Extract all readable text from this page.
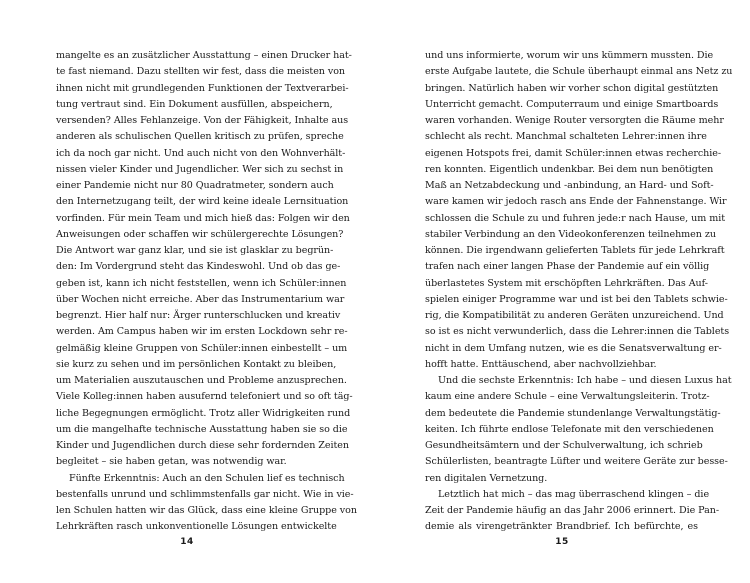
mangelte es an zusätzlicher Ausstattung – einen Drucker hat-
te fast niemand. Dazu stellten wir fest, dass die meisten von
ihnen nicht mit grundlegenden Funktionen der Textverarbei-
tung vertraut sind. Ein Dokument ausfüllen, abspeichern,
versenden? Alles Fehlanzeige. Von der Fähigkeit, Inhalte aus
anderen als schulischen Quellen kritisch zu prüfen, spreche
ich da noch gar nicht. Und auch nicht von den Wohnverhält-
nissen vieler Kinder und Jugendlicher. Wer sich zu sechst in
einer Pandemie nicht nur 80 Quadratmeter, sondern auch
den Internetzugang teilt, der wird keine ideale Lernsituation
vorfinden. Für mein Team und mich hieß das: Folgen wir den
Anweisungen oder schaffen wir schülergerechte Lösungen?
Die Antwort war ganz klar, und sie ist glasklar zu begrün-
den: Im Vordergrund steht das Kindeswohl. Und ob das ge-
geben ist, kann ich nicht feststellen, wenn ich Schüler:innen
über Wochen nicht erreiche. Aber das Instrumentarium war
begrenzt. Hier half nur: Ärger runterschlucken und kreativ
werden. Am Campus haben wir im ersten Lockdown sehr re-
gelmäßig kleine Gruppen von Schüler:innen einbestellt – um
sie kurz zu sehen und im persönlichen Kontakt zu bleiben,
um Materialien auszutauschen und Probleme anzusprechen.
Viele Kolleg:innen haben ausufernd telefoniert und so oft täg-
liche Begegnungen ermöglicht. Trotz aller Widrigkeiten rund
um die mangelhafte technische Ausstattung haben sie so die
Kinder und Jugendlichen durch diese sehr fordernden Zeiten
begleitet – sie haben getan, was notwendig war.
Fünfte Erkenntnis: Auch an den Schulen lief es technisch
bestenfalls unrund und schlimmstenfalls gar nicht. Wie in vie-
len Schulen hatten wir das Glück, dass eine kleine Gruppe von
Lehrkräften rasch unkonventionelle Lösungen entwickelte
14
und uns informierte, worum wir uns kümmern mussten. Die
erste Aufgabe lautete, die Schule überhaupt einmal ans Netz zu
bringen. Natürlich haben wir vorher schon digital gestützten
Unterricht gemacht. Computerraum und einige Smartboards
waren vorhanden. Wenige Router versorgten die Räume mehr
schlecht als recht. Manchmal schalteten Lehrer:innen ihre
eigenen Hotspots frei, damit Schüler:innen etwas recherchie-
ren konnten. Eigentlich undenkbar. Bei dem nun benötigten
Maß an Netzabdeckung und -anbindung, an Hard- und Soft-
ware kamen wir jedoch rasch ans Ende der Fahnenstange. Wir
schlossen die Schule zu und fuhren jede:r nach Hause, um mit
stabiler Verbindung an den Videokonferenzen teilnehmen zu
können. Die irgendwann gelieferten Tablets für jede Lehrkraft
trafen nach einer langen Phase der Pandemie auf ein völlig
überlastetes System mit erschöpften Lehrkräften. Das Auf-
spielen einiger Programme war und ist bei den Tablets schwie-
rig, die Kompatibilität zu anderen Geräten unzureichend. Und
so ist es nicht verwunderlich, dass die Lehrer:innen die Tablets
nicht in dem Umfang nutzen, wie es die Senatsverwaltung er-
hofft hatte. Enttäuschend, aber nachvollziehbar.
Und die sechste Erkenntnis: Ich habe – und diesen Luxus hat
kaum eine andere Schule – eine Verwaltungsleiterin. Trotz-
dem bedeutete die Pandemie stundenlange Verwaltungstätig-
keiten. Ich führte endlose Telefonate mit den verschiedenen
Gesundheitsämtern und der Schulverwaltung, ich schrieb
Schülerlisten, beantragte Lüfter und weitere Geräte zur besse-
ren digitalen Vernetzung.
Letztlich hat mich – das mag überraschend klingen – die
Zeit der Pandemie häufig an das Jahr 2006 erinnert. Die Pan-
demie als virengetränkter Brandbrief. Ich befürchte, es
15
